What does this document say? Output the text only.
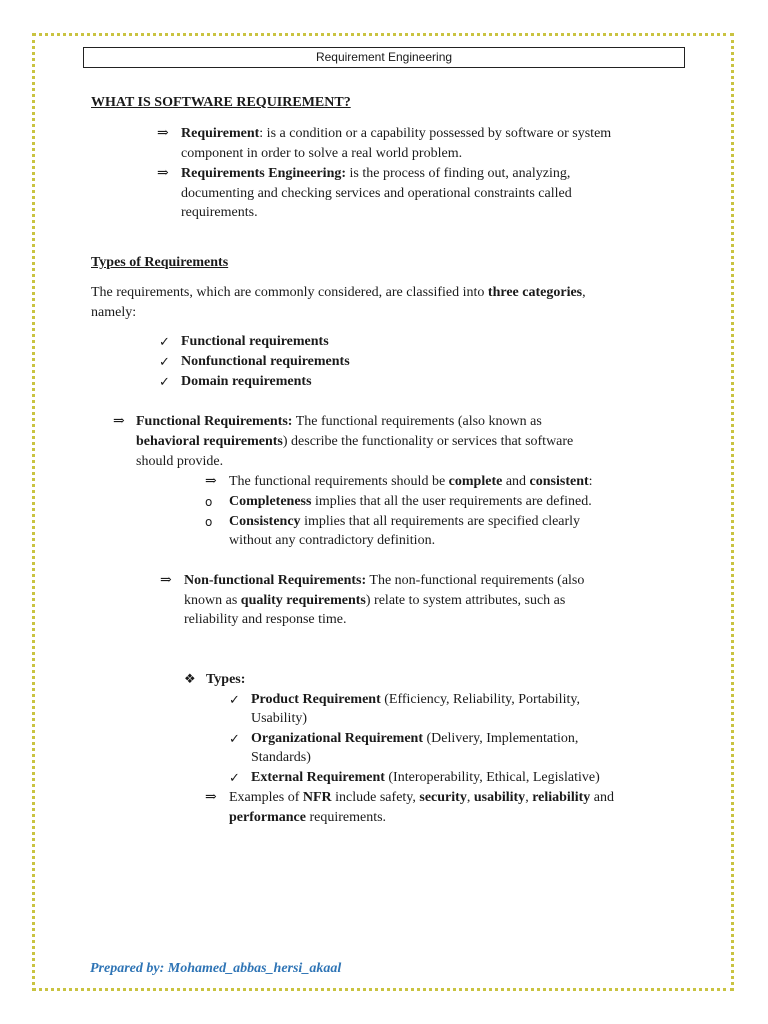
Requirement Engineering
WHAT IS SOFTWARE REQUIREMENT?
⇒ Requirement: is a condition or a capability possessed by software or system
component in order to solve a real world problem.
⇒ Requirements Engineering: is the process of finding out, analyzing,
documenting and checking services and operational constraints called
requirements.
Types of Requirements
The requirements, which are commonly considered, are classified into three categories,
namely:
✓ Functional requirements
✓ Nonfunctional requirements
✓ Domain requirements
⇒ Functional Requirements: The functional requirements (also known as
behavioral requirements) describe the functionality or services that software
should provide.
⇒ The functional requirements should be complete and consistent:
o Completeness implies that all the user requirements are defined.
o Consistency implies that all requirements are specified clearly
without any contradictory definition.
⇒ Non-functional Requirements: The non-functional requirements (also
known as quality requirements) relate to system attributes, such as
reliability and response time.
❖ Types:
✓ Product Requirement (Efficiency, Reliability, Portability,
Usability)
✓ Organizational Requirement (Delivery, Implementation,
Standards)
✓ External Requirement (Interoperability, Ethical, Legislative)
⇒ Examples of NFR include safety, security, usability, reliability and
performance requirements.
Prepared by: Mohamed_abbas_hersi_akaal
